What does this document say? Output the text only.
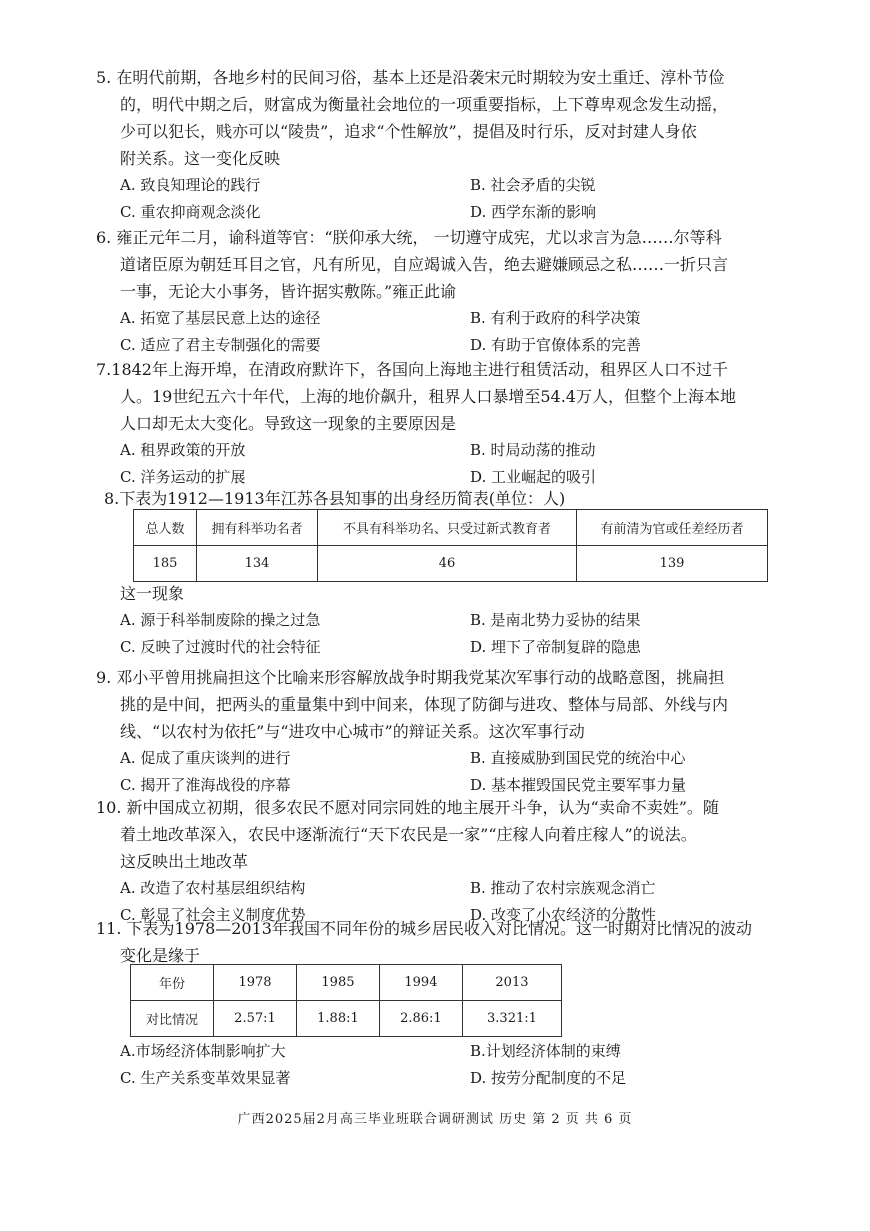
5. 在明代前期，各地乡村的民间习俗，基本上还是沿袭宋元时期较为安土重迁、淳朴节俭
的，明代中期之后，财富成为衡量社会地位的一项重要指标，上下尊卑观念发生动摇，
少可以犯长，贱亦可以“陵贵”，追求“个性解放”，提倡及时行乐，反对封建人身依
附关系。这一变化反映
A. 致良知理论的践行	B. 社会矛盾的尖锐
C. 重农抑商观念淡化	D. 西学东渐的影响
6. 雍正元年二月，谕科道等官：“朕仰承大统， 一切遵守成宪，尤以求言为急……尔等科
道诸臣原为朝廷耳目之官，凡有所见，自应竭诚入告，绝去避嫌顾忌之私……一折只言
一事，无论大小事务，皆许据实敷陈。”雍正此谕
A. 拓宽了基层民意上达的途径	B. 有利于政府的科学决策
C. 适应了君主专制强化的需要	D. 有助于官僚体系的完善
7.1842年上海开埠，在清政府默许下，各国向上海地主进行租赁活动，租界区人口不过千
人。19世纪五六十年代，上海的地价飙升，租界人口暴增至54.4万人，但整个上海本地
人口却无太大变化。导致这一现象的主要原因是
A. 租界政策的开放	B. 时局动荡的推动
C. 洋务运动的扩展	D. 工业崛起的吸引
8.下表为1912—1913年江苏各县知事的出身经历简表(单位：人)
总人数	拥有科举功名者	不具有科举功名、只受过新式教育者	有前清为官或任差经历者
185	134	46	139
这一现象
A. 源于科举制废除的操之过急	B. 是南北势力妥协的结果
C. 反映了过渡时代的社会特征	D. 埋下了帝制复辟的隐患
9. 邓小平曾用挑扁担这个比喻来形容解放战争时期我党某次军事行动的战略意图，挑扁担
挑的是中间，把两头的重量集中到中间来，体现了防御与进攻、整体与局部、外线与内
线、“以农村为依托”与“进攻中心城市”的辩证关系。这次军事行动
A. 促成了重庆谈判的进行	B. 直接威胁到国民党的统治中心
C. 揭开了淮海战役的序幕	D. 基本摧毁国民党主要军事力量
10. 新中国成立初期，很多农民不愿对同宗同姓的地主展开斗争，认为“卖命不卖姓”。随
着土地改革深入，农民中逐渐流行“天下农民是一家”“庄稼人向着庄稼人”的说法。
这反映出土地改革
A. 改造了农村基层组织结构	B. 推动了农村宗族观念消亡
C. 彰显了社会主义制度优势	D. 改变了小农经济的分散性
11. 下表为1978—2013年我国不同年份的城乡居民收入对比情况。这一时期对比情况的波动
变化是缘于
年份	1978	1985	1994	2013
对比情况	2.57:1	1.88:1	2.86:1	3.321:1
A.市场经济体制影响扩大	B.计划经济体制的束缚
C. 生产关系变革效果显著	D. 按劳分配制度的不足
广西2025届2月高三毕业班联合调研测试 历史 第 2 页 共 6 页
